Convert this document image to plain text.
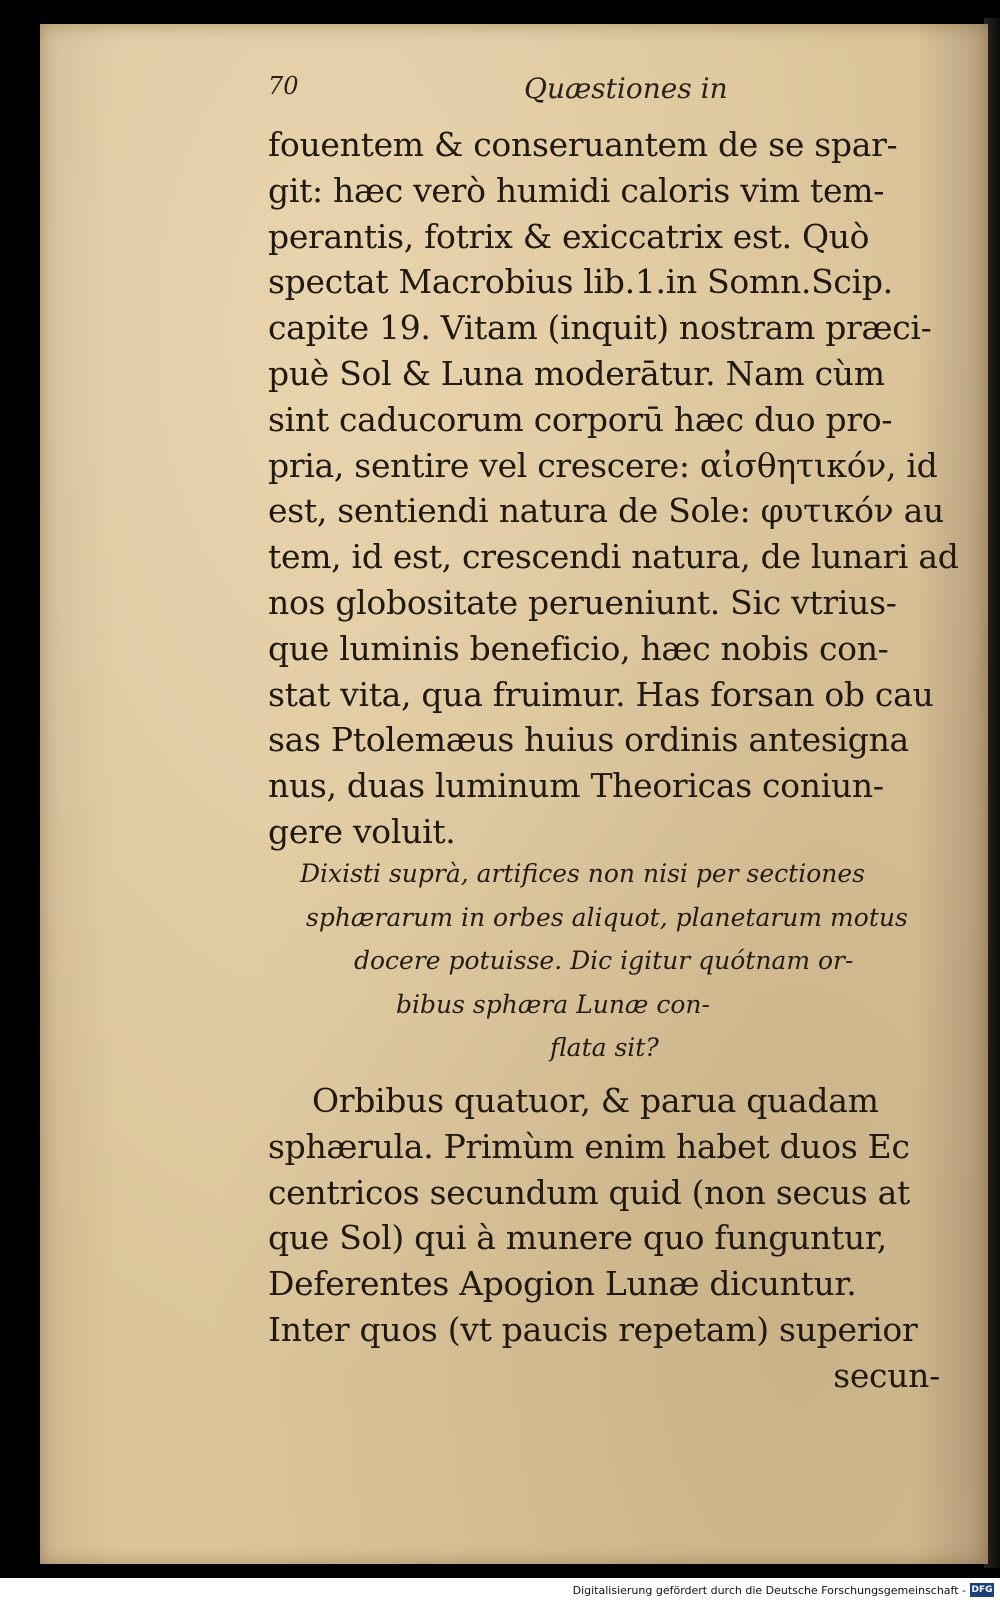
70	Quæstiones in
fouentem & conseruantem de se spar-
git: hæc verò humidi caloris vim tem-
perantis, fotrix & exiccatrix est. Quò
spectat Macrobius lib.1.in Somn.Scip.
capite 19. Vitam (inquit) nostram præci-
puè Sol & Luna moderātur. Nam cùm
sint caducorum corporū hæc duo pro-
pria, sentire vel crescere: αἰσθητικόν, id
est, sentiendi natura de Sole: φυτικόν au
tem, id est, crescendi natura, de lunari ad
nos globositate perueniunt. Sic vtrius-
que luminis beneficio, hæc nobis con-
stat vita, qua fruimur. Has forsan ob cau
sas Ptolemæus huius ordinis antesigna
nus, duas luminum Theoricas coniun-
gere voluit.
Dixisti suprà, artifices non nisi per sectiones
sphærarum in orbes aliquot, planetarum motus
docere potuisse. Dic igitur quótnam or-
bibus sphæra Lunæ con-
flata sit?
Orbibus quatuor, & parua quadam
sphærula. Primùm enim habet duos Ec
centricos secundum quid (non secus at
que Sol) qui à munere quo funguntur,
Deferentes Apogion Lunæ dicuntur.
Inter quos (vt paucis repetam) superior
secun-
Digitalisierung gefördert durch die Deutsche Forschungsgemeinschaft - DFG
